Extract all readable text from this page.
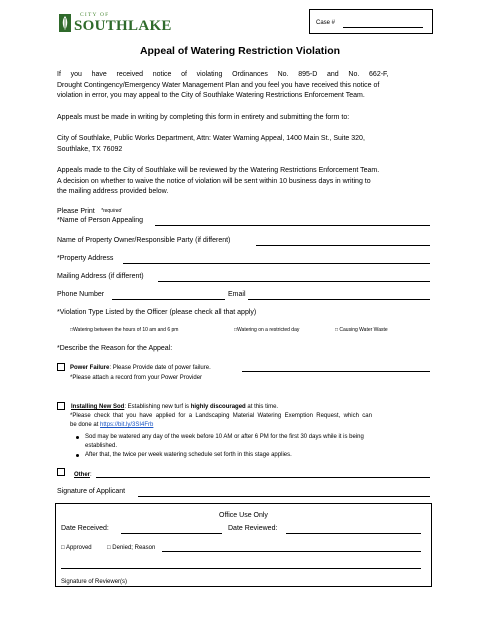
CITY OF
SOUTHLAKE	Case #
Appeal of Watering Restriction Violation
If     you     have     received     notice     of     violating     Ordinances     No.     895-D     and     No.     662-F,
Drought Contingency/Emergency Water Management Plan and you feel you have received this notice of
violation in error, you may appeal to the City of Southlake Watering Restrictions Enforcement Team.
Appeals must be made in writing by completing this form in entirety and submitting the form to:
City of Southlake, Public Works Department, Attn: Water Warning Appeal, 1400 Main St., Suite 320,
Southlake, TX 76092
Appeals made to the City of Southlake will be reviewed by the Watering Restrictions Enforcement Team.
A decision on whether to waive the notice of violation will be sent within 10 business days in writing to
the mailing address provided below.
Please Print *required
*Name of Person Appealing
Name of Property Owner/Responsible Party (if different)
*Property Address
Mailing Address (if different)
Phone Number	Email
*Violation Type Listed by the Officer (please check all that apply)
□Watering between the hours of 10 am and 6 pm	□Watering on a restricted day	□ Causing Water Waste
*Describe the Reason for the Appeal:
Power Failure: Please Provide date of power failure.
*Please attach a record from your Power Provider
Installing New Sod: Establishing new turf is highly discouraged at this time.
*Please  check  that  you  have  applied  for  a  Landscaping  Material  Watering  Exemption  Request,  which  can
be done at https://bit.ly/3SI4Frb
Sod may be watered any day of the week before 10 AM or after 6 PM for the first 30 days while it is being
established.
After that, the twice per week watering schedule set forth in this stage applies.
Other:
Signature of Applicant
Office Use Only
Date Received:	Date Reviewed:
□ Approved	□ Denied; Reason
Signature of Reviewer(s)
